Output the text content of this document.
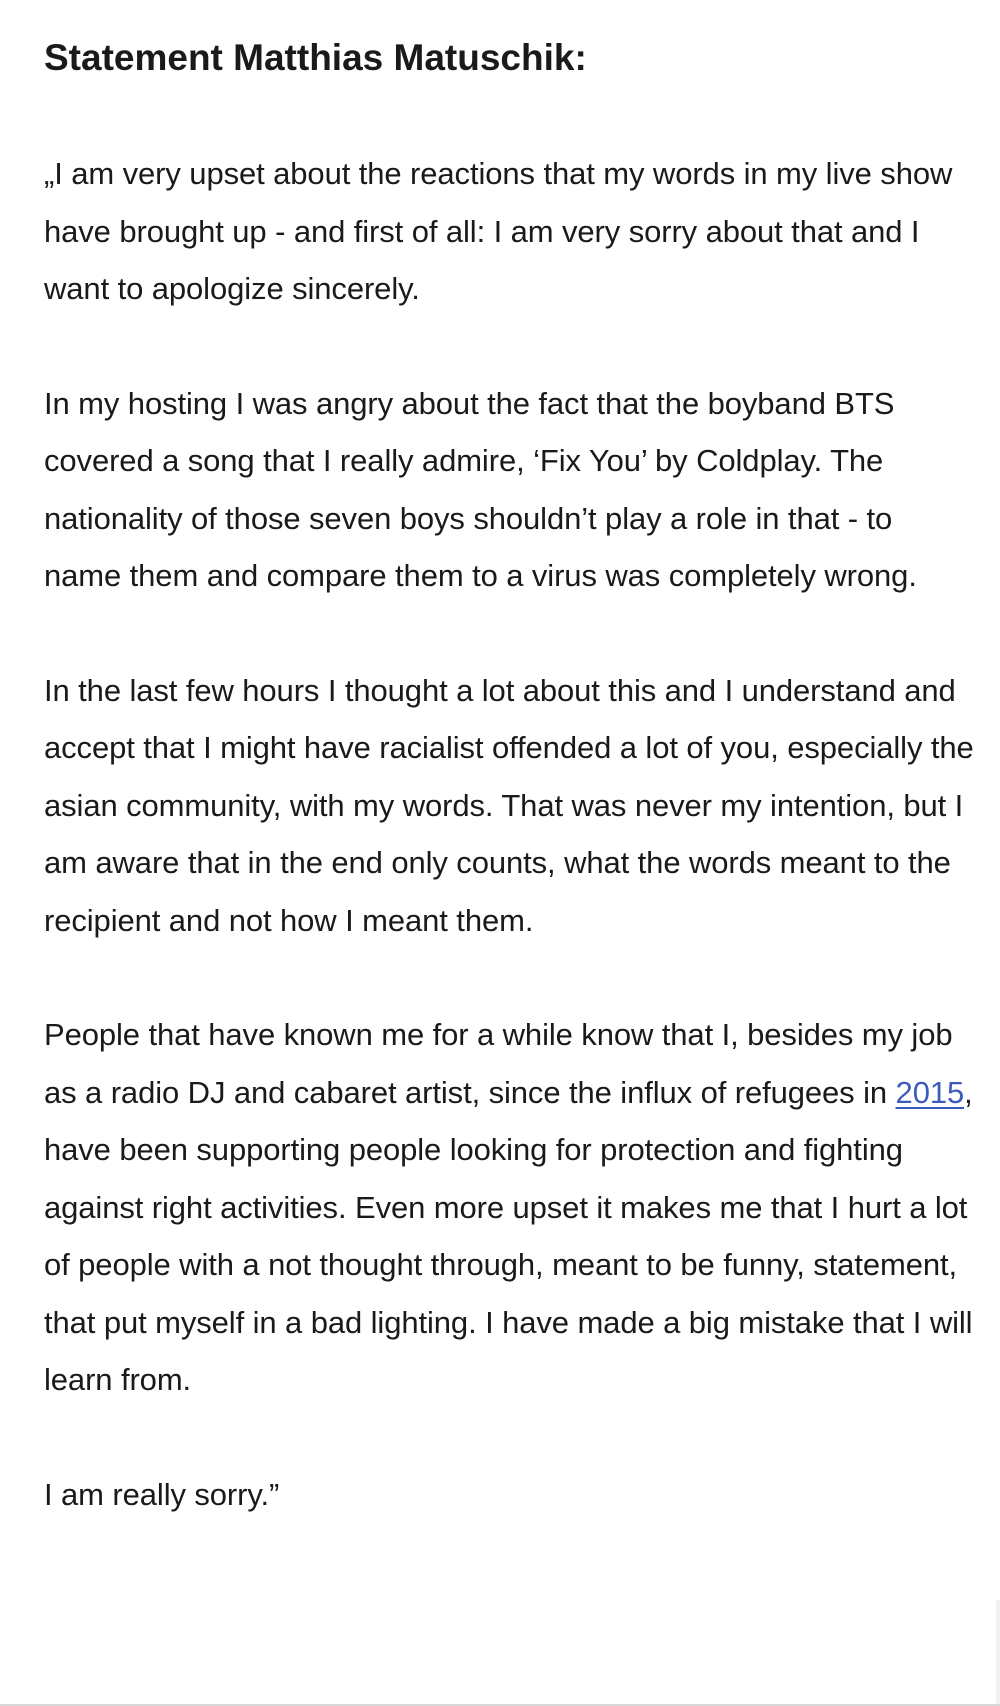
Statement Matthias Matuschik:

„I am very upset about the reactions that my words in my live show have brought up - and first of all: I am very sorry about that and I want to apologize sincerely.

In my hosting I was angry about the fact that the boyband BTS covered a song that I really admire, ‘Fix You’ by Coldplay. The nationality of those seven boys shouldn’t play a role in that - to name them and compare them to a virus was completely wrong.

In the last few hours I thought a lot about this and I understand and accept that I might have racialist offended a lot of you, especially the asian community, with my words. That was never my intention, but I am aware that in the end only counts, what the words meant to the recipient and not how I meant them.

People that have known me for a while know that I, besides my job as a radio DJ and cabaret artist, since the influx of refugees in 2015, have been supporting people looking for protection and fighting against right activities. Even more upset it makes me that I hurt a lot of people with a not thought through, meant to be funny, statement, that put myself in a bad lighting. I have made a big mistake that I will learn from.

I am really sorry.”
